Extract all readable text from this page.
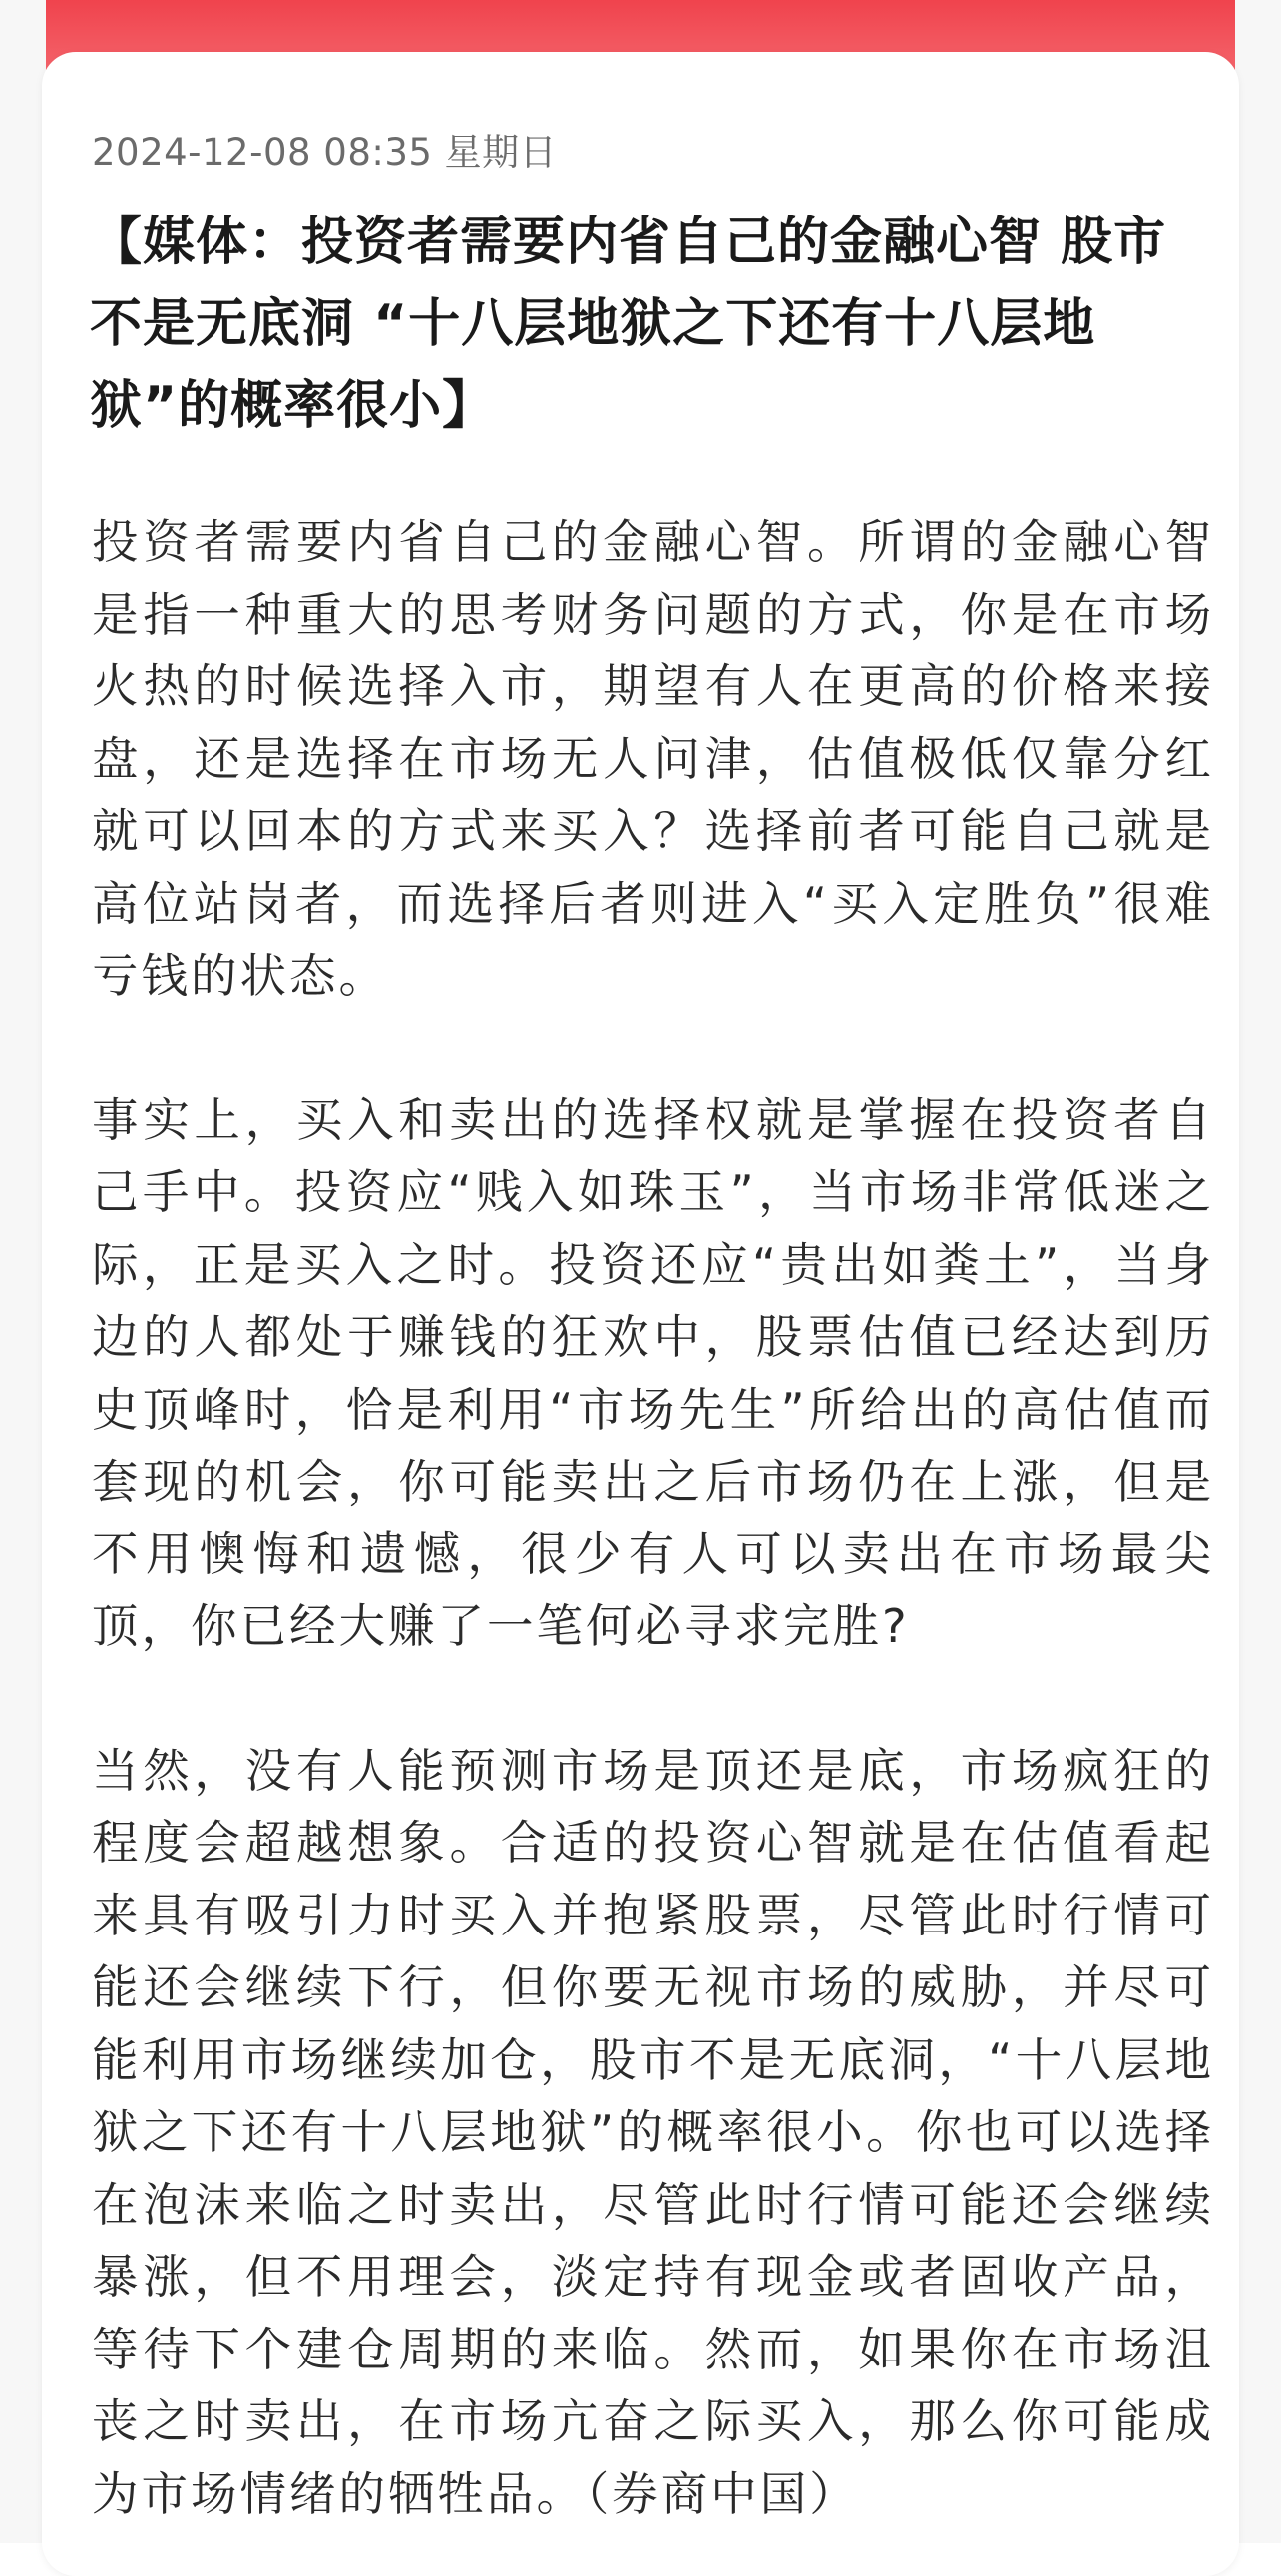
2024-12-08 08:35 星期日
【媒体：投资者需要内省自己的金融心智 股市不是无底洞 “十八层地狱之下还有十八层地狱”的概率很小】

投资者需要内省自己的金融心智。所谓的金融心智是指一种重大的思考财务问题的方式，你是在市场火热的时候选择入市，期望有人在更高的价格来接盘，还是选择在市场无人问津，估值极低仅靠分红就可以回本的方式来买入？选择前者可能自己就是高位站岗者，而选择后者则进入“买入定胜负”很难亏钱的状态。

事实上，买入和卖出的选择权就是掌握在投资者自己手中。投资应“贱入如珠玉”，当市场非常低迷之际，正是买入之时。投资还应“贵出如粪土”，当身边的人都处于赚钱的狂欢中，股票估值已经达到历史顶峰时，恰是利用“市场先生”所给出的高估值而套现的机会，你可能卖出之后市场仍在上涨，但是不用懊悔和遗憾，很少有人可以卖出在市场最尖顶，你已经大赚了一笔何必寻求完胜?

当然，没有人能预测市场是顶还是底，市场疯狂的程度会超越想象。合适的投资心智就是在估值看起来具有吸引力时买入并抱紧股票，尽管此时行情可能还会继续下行，但你要无视市场的威胁，并尽可能利用市场继续加仓，股市不是无底洞，“十八层地狱之下还有十八层地狱”的概率很小。你也可以选择在泡沫来临之时卖出，尽管此时行情可能还会继续暴涨，但不用理会，淡定持有现金或者固收产品，等待下个建仓周期的来临。然而，如果你在市场沮丧之时卖出，在市场亢奋之际买入，那么你可能成为市场情绪的牺牲品。（券商中国）
